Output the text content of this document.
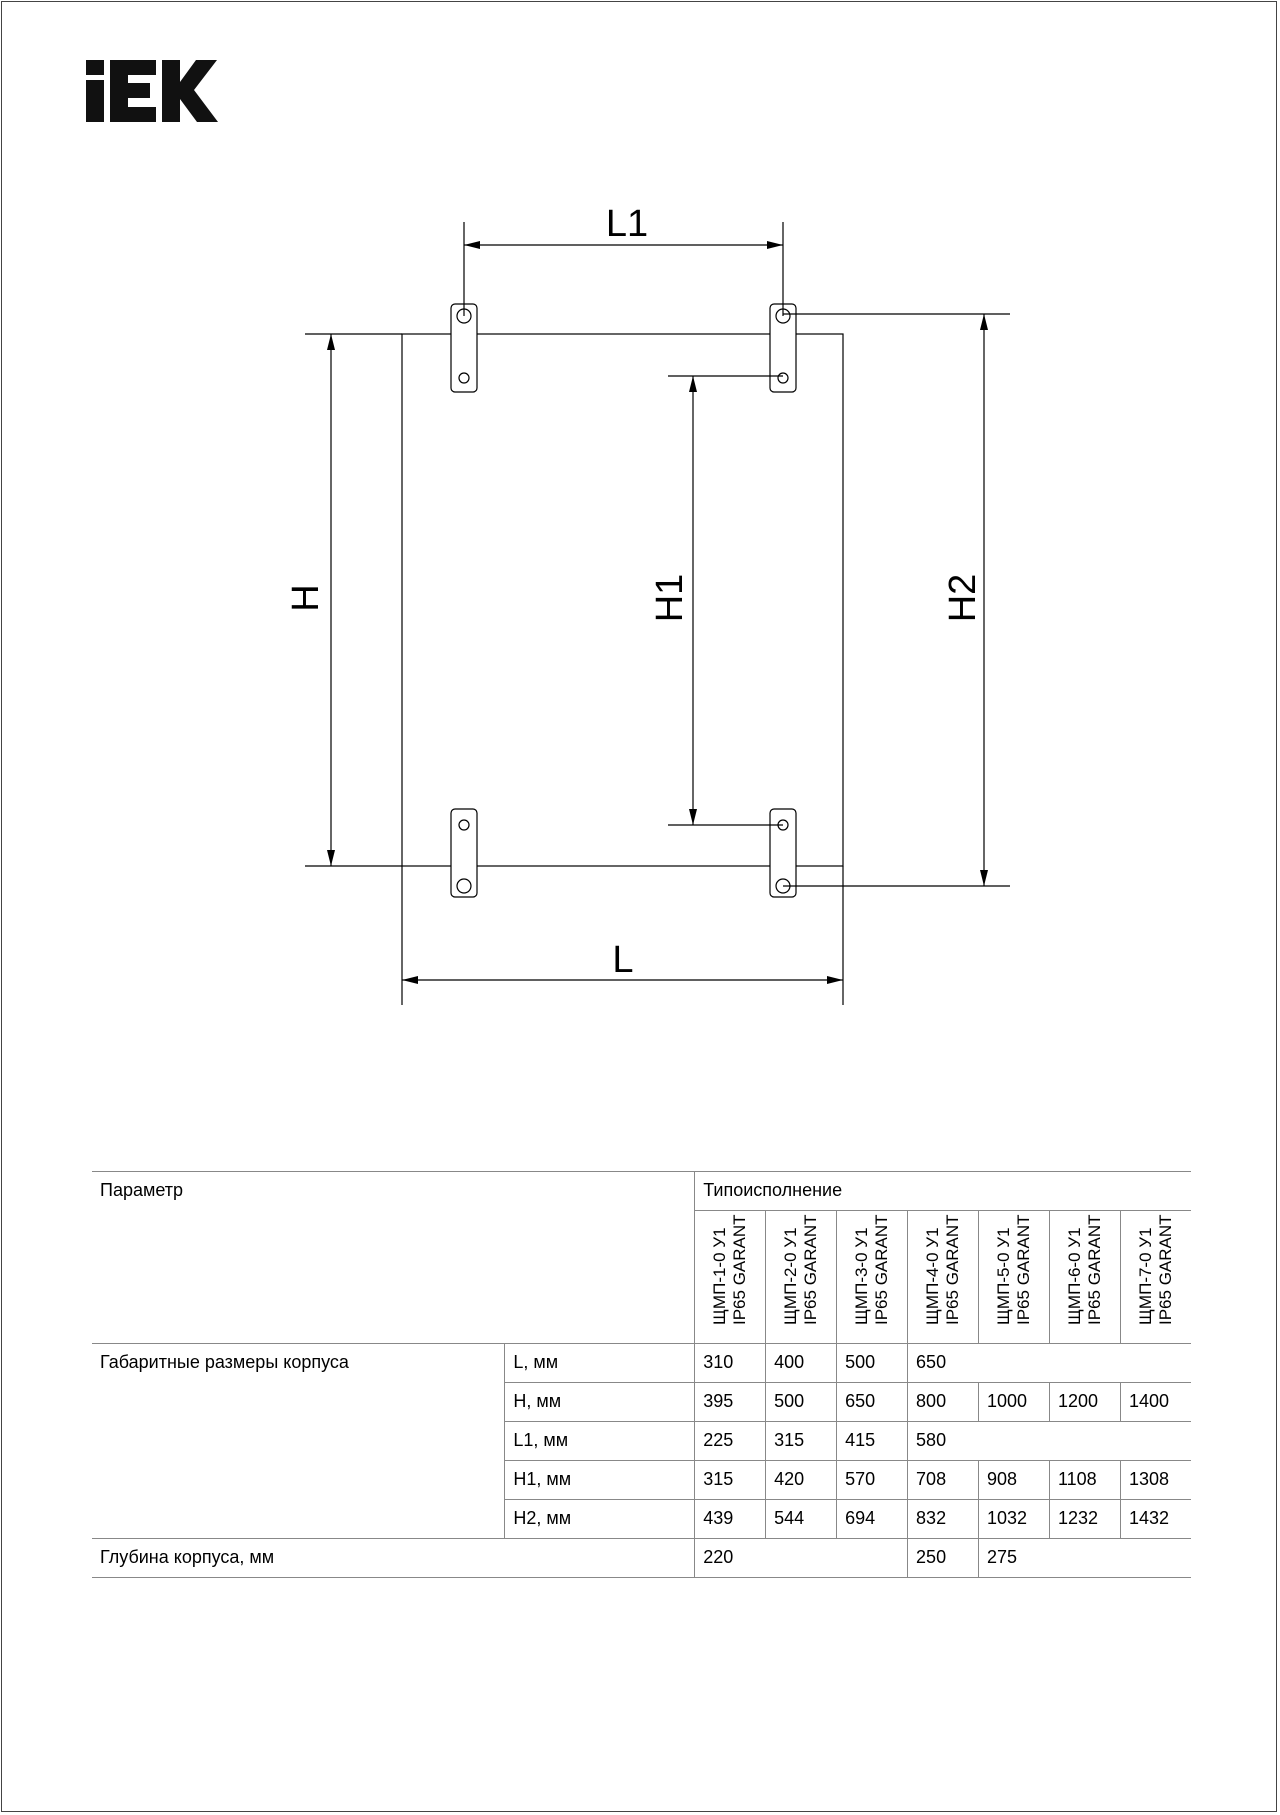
L1
L
H	H1	H2
Параметр		Типоисполнение						

		ЩМП-1-0 У1 IP65 GARANT	ЩМП-2-0 У1 IP65 GARANT	ЩМП-3-0 У1 IP65 GARANT	ЩМП-4-0 У1 IP65 GARANT	ЩМП-5-0 У1 IP65 GARANT	ЩМП-6-0 У1 IP65 GARANT	ЩМП-7-0 У1 IP65 GARANT

Габаритные размеры корпуса	L, мм	310	400	500	650			
	H, мм	395	500	650	800	1000	1200	1400
	L1, мм	225	315	415	580			
	H1, мм	315	420	570	708	908	1108	1308
	H2, мм	439	544	694	832	1032	1232	1432
Глубина корпуса, мм		220			250	275		
